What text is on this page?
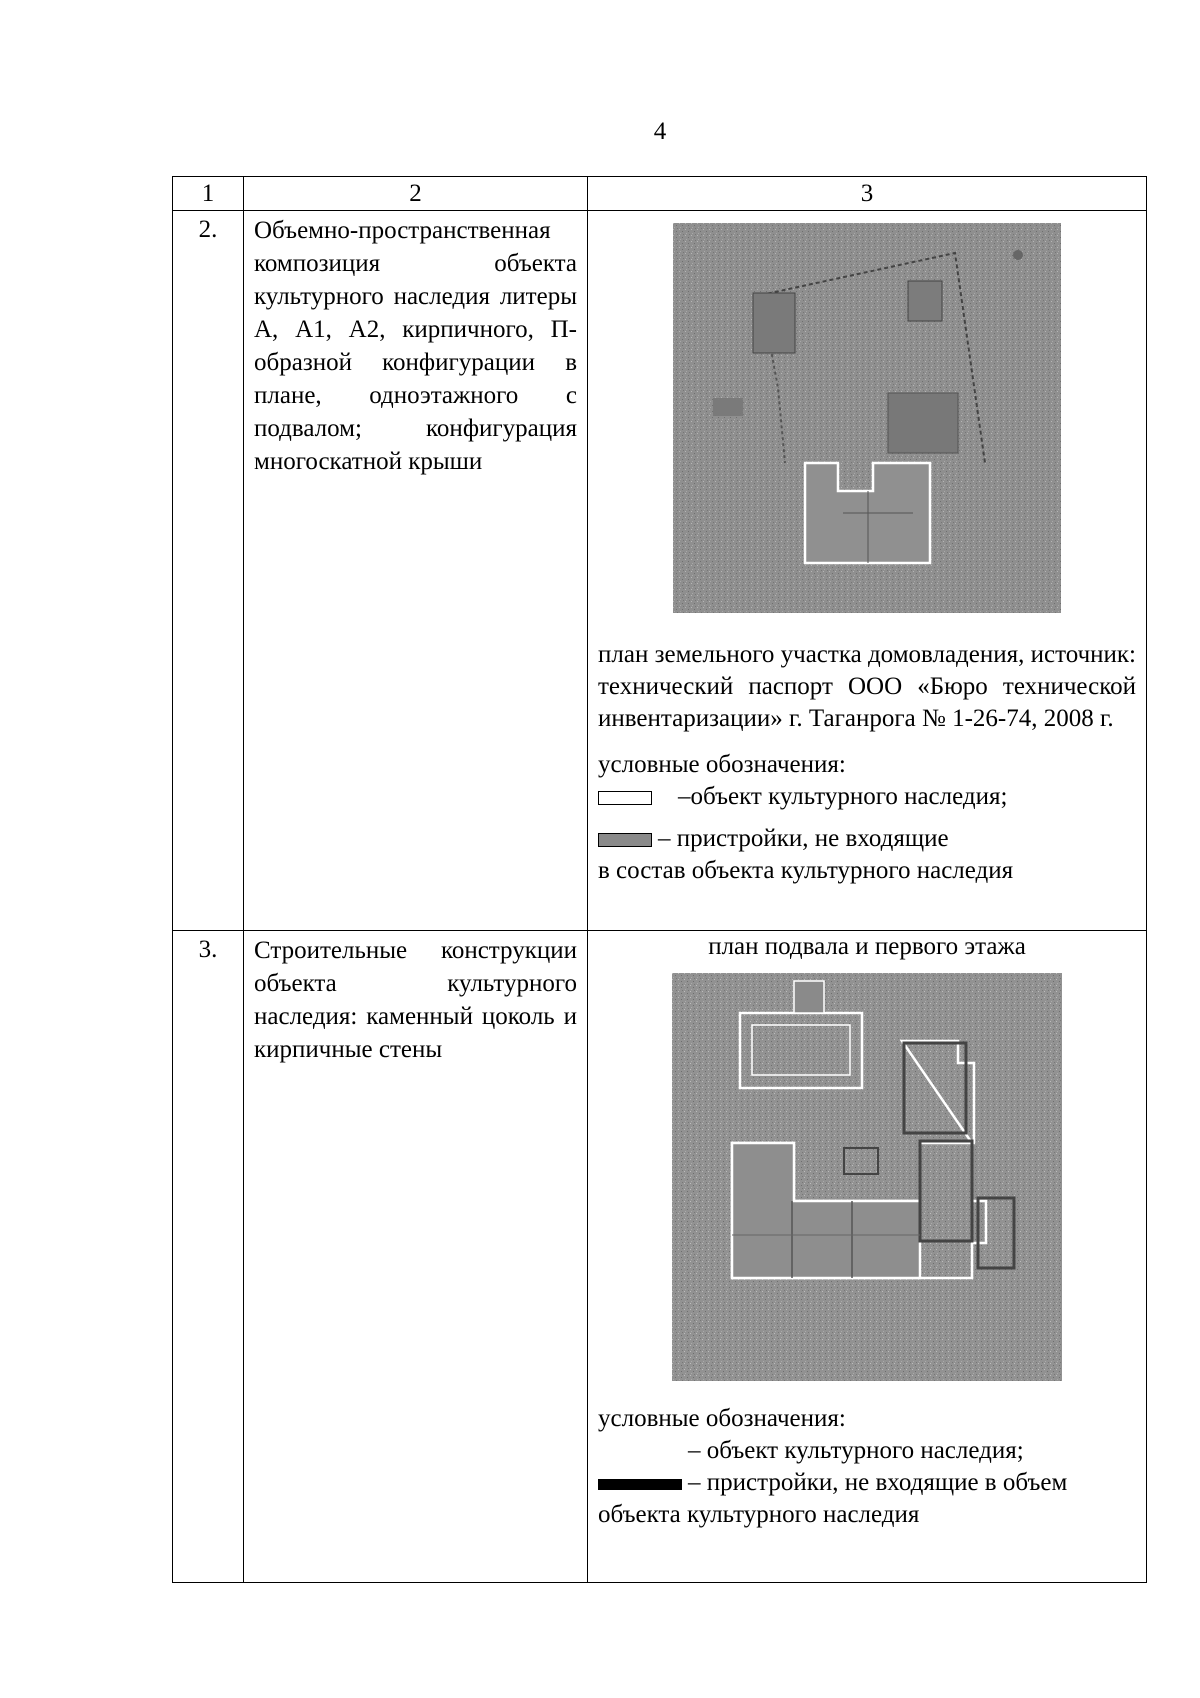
4
1	2	3
2.	Объемно-пространственная композиция объекта культурного наследия литеры А, А1, А2, кирпичного, П-образной конфигурации в плане, одноэтажного с подвалом; конфигурация многоскатной крыши	план земельного участка домовладения, источник: технический паспорт ООО «Бюро технической инвентаризации» г. Таганрога № 1-26-74, 2008 г.
условные обозначения:
–объект культурного наследия;
– пристройки, не входящие
в состав объекта культурного наследия

3.	Строительные конструкции объекта культурного наследия: каменный цоколь и кирпичные стены	план подвала и первого этажа
условные обозначения:
– объект культурного наследия;
– пристройки, не входящие в объем
объекта культурного наследия
